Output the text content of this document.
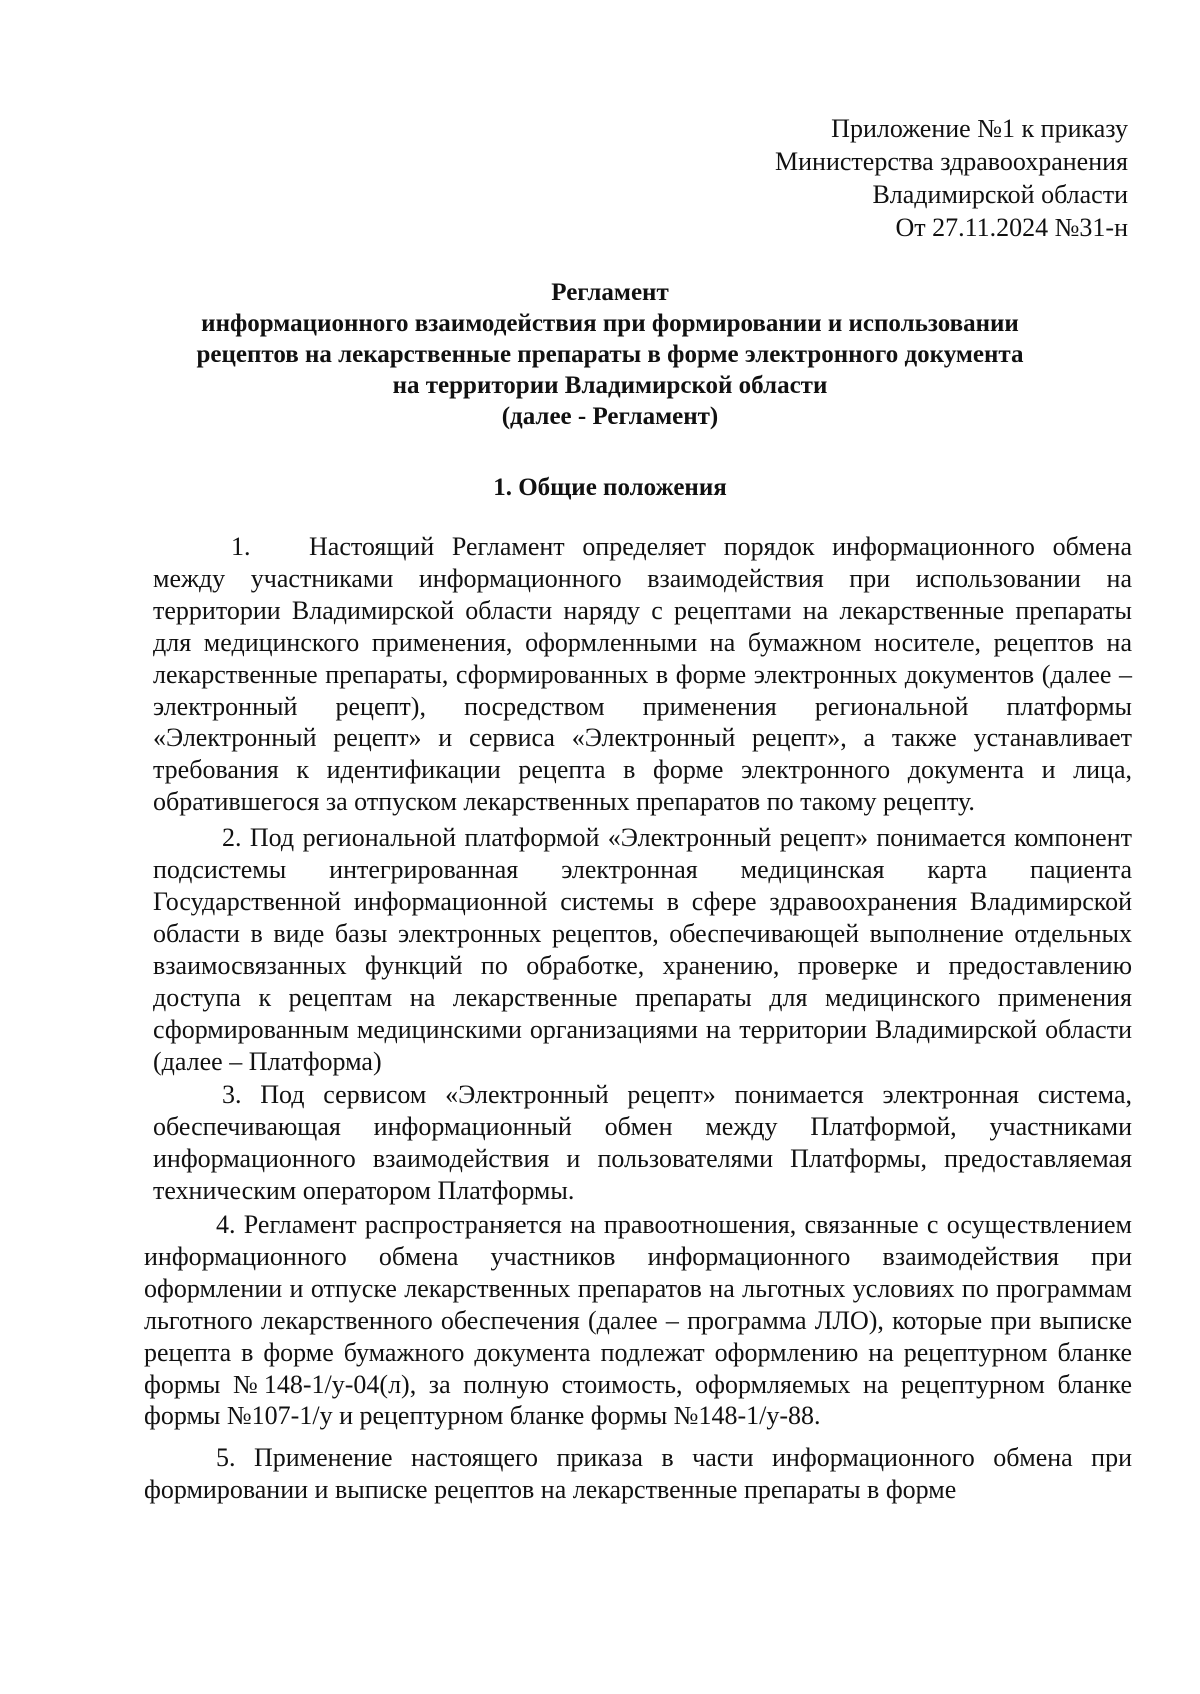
Приложение №1 к приказу
Министерства здравоохранения
Владимирской области
От 27.11.2024 №31-н
Регламент
информационного взаимодействия при формировании и использовании
рецептов на лекарственные препараты в форме электронного документа
на территории Владимирской области
(далее - Регламент)
1. Общие положения

1. Настоящий Регламент определяет порядок информационного обмена между участниками информационного взаимодействия при использовании на территории Владимирской области наряду с рецептами на лекарственные препараты для медицинского применения, оформленными на бумажном носителе, рецептов на лекарственные препараты, сформированных в форме электронных документов (далее – электронный рецепт), посредством применения региональной платформы «Электронный рецепт» и сервиса «Электронный рецепт», а также устанавливает требования к идентификации рецепта в форме электронного документа и лица, обратившегося за отпуском лекарственных препаратов по такому рецепту.

2. Под региональной платформой «Электронный рецепт» понимается компонент подсистемы интегрированная электронная медицинская карта пациента Государственной информационной системы в сфере здравоохранения Владимирской области в виде базы электронных рецептов, обеспечивающей выполнение отдельных взаимосвязанных функций по обработке, хранению, проверке и предоставлению доступа к рецептам на лекарственные препараты для медицинского применения сформированным медицинскими организациями на территории Владимирской области (далее – Платформа)

3. Под сервисом «Электронный рецепт» понимается электронная система, обеспечивающая информационный обмен между Платформой, участниками информационного взаимодействия и пользователями Платформы, предоставляемая техническим оператором Платформы.

4. Регламент распространяется на правоотношения, связанные с осуществлением информационного обмена участников информационного взаимодействия при оформлении и отпуске лекарственных препаратов на льготных условиях по программам льготного лекарственного обеспечения (далее – программа ЛЛО), которые при выписке рецепта в форме бумажного документа подлежат оформлению на рецептурном бланке формы №148-1/у-04(л), за полную стоимость, оформляемых на рецептурном бланке формы №107-1/у и рецептурном бланке формы №148-1/у-88.

5. Применение настоящего приказа в части информационного обмена при формировании и выписке рецептов на лекарственные препараты в форме
